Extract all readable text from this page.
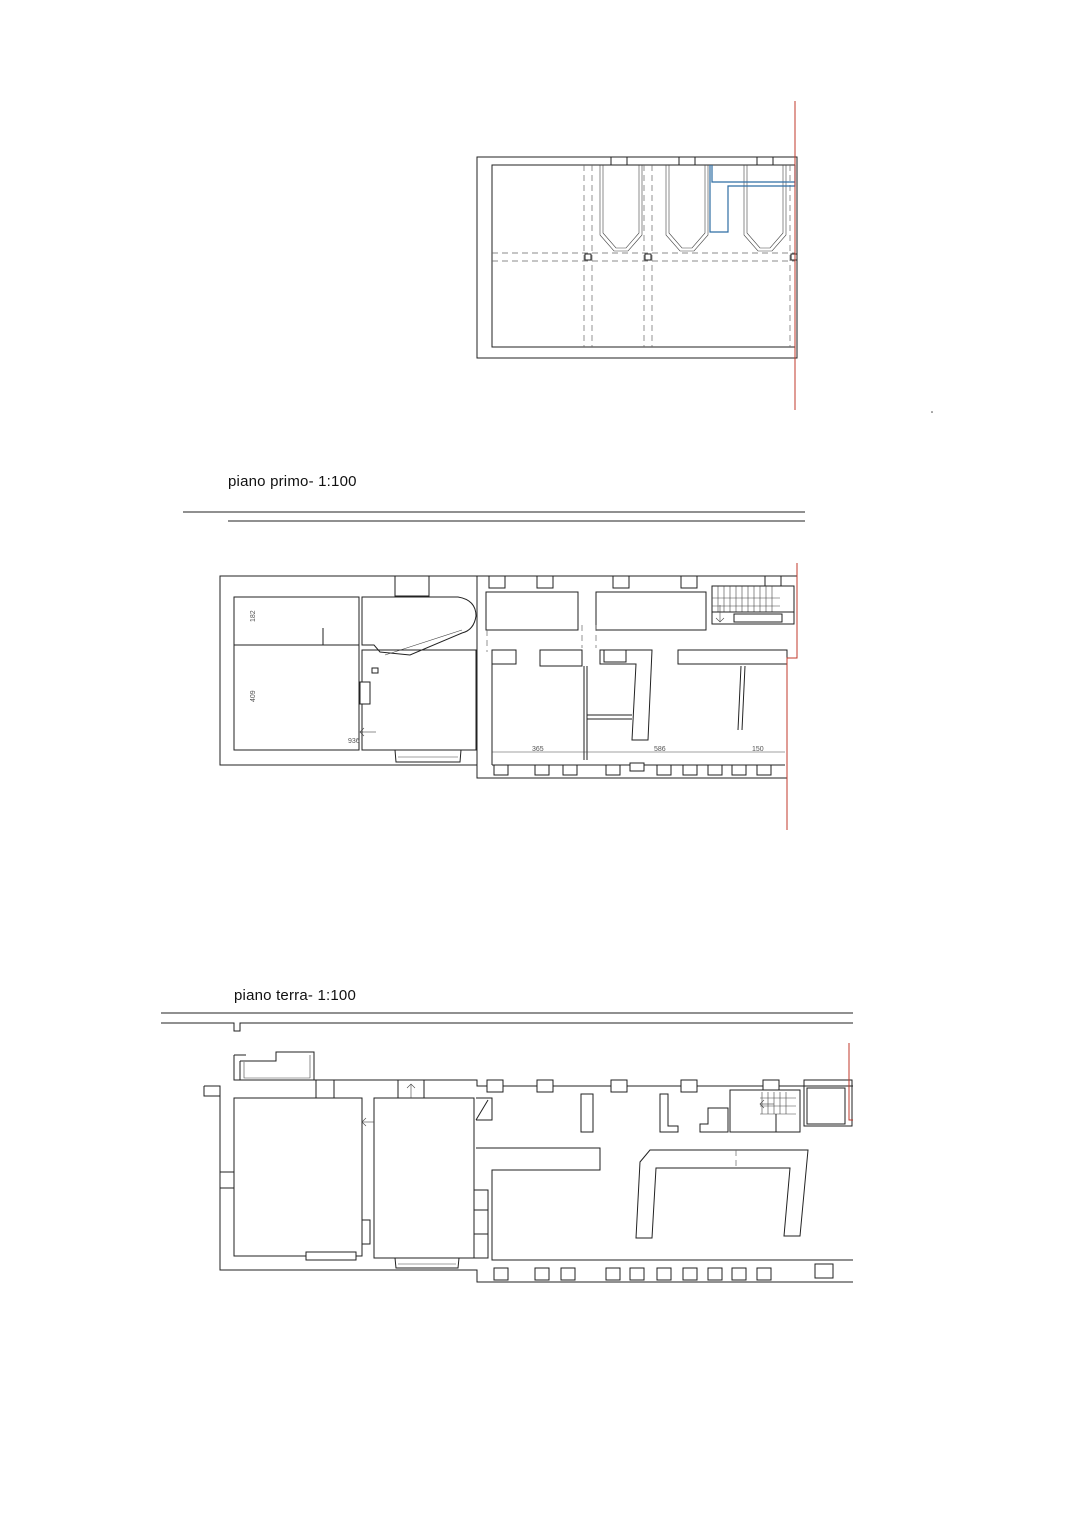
182
409
936
365	586	150
piano primo- 1:100
piano terra- 1:100
